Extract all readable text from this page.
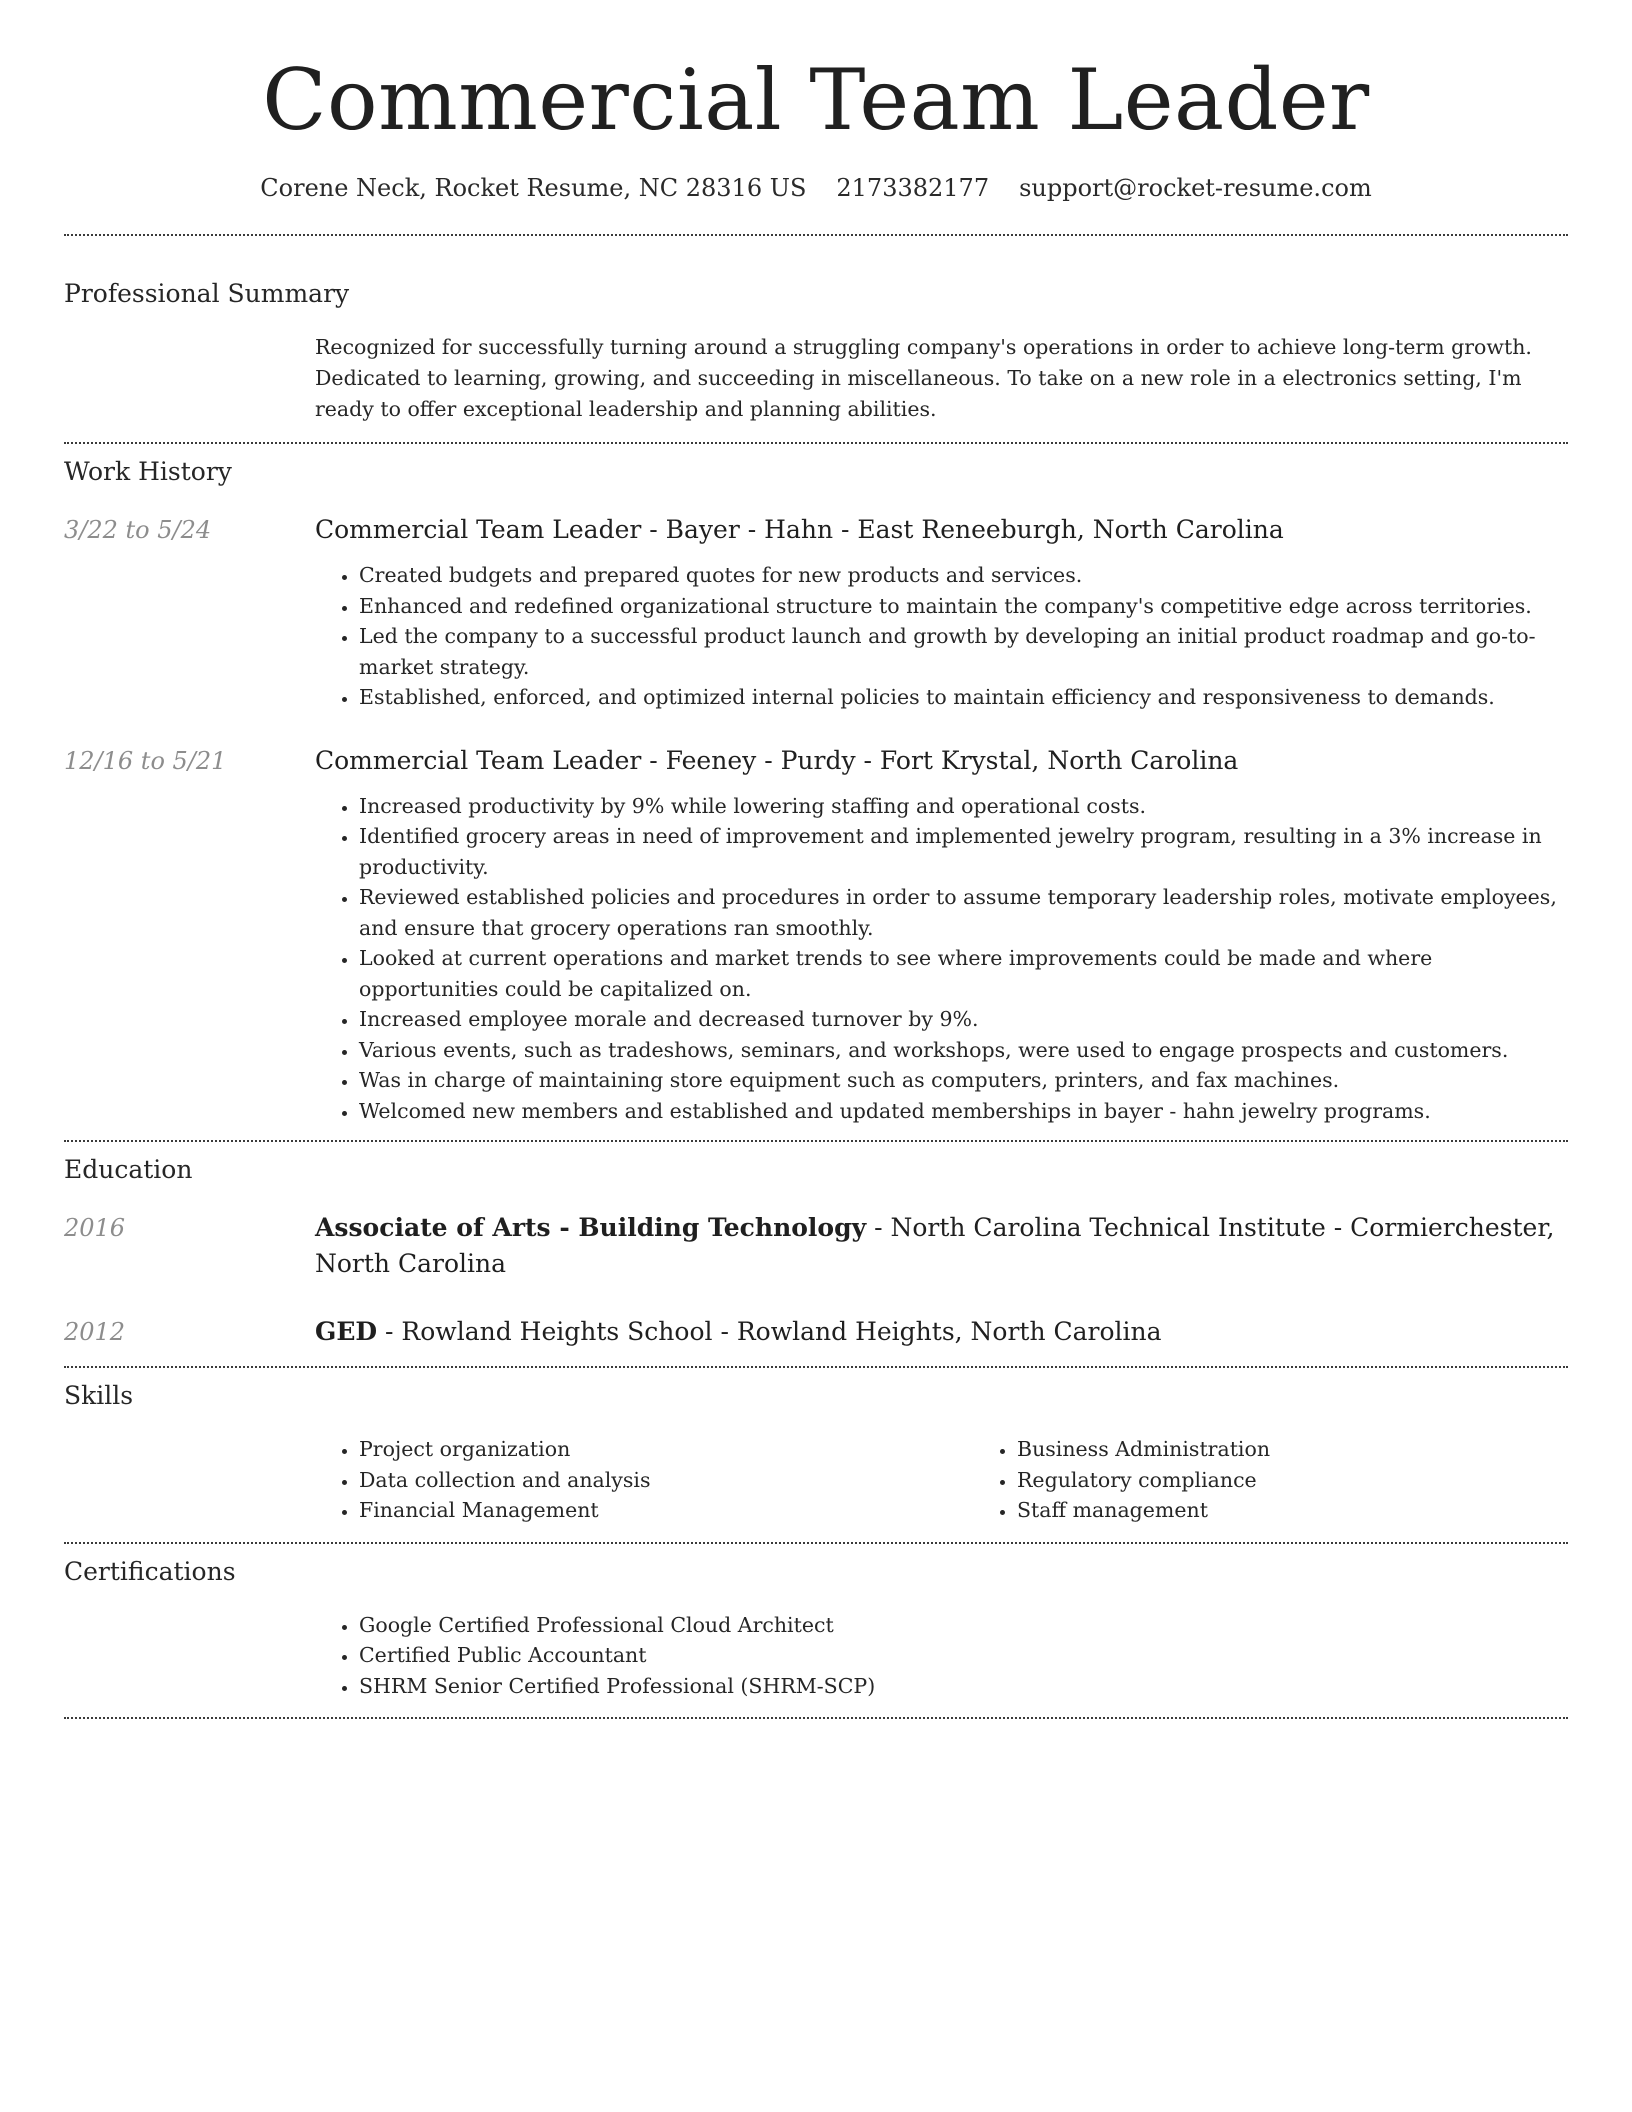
Commercial Team Leader
Corene Neck, Rocket Resume, NC 28316 US 2173382177 support@rocket-resume.com
Professional Summary

Recognized for successfully turning around a struggling company's operations in order to achieve long-term growth. Dedicated to learning, growing, and succeeding in miscellaneous. To take on a new role in a electronics setting, I'm ready to offer exceptional leadership and planning abilities.

Work History
3/22 to 5/24	Commercial Team Leader - Bayer - Hahn - East Reneeburgh, North Carolina
• Created budgets and prepared quotes for new products and services.
• Enhanced and redefined organizational structure to maintain the company's competitive edge across territories.
• Led the company to a successful product launch and growth by developing an initial product roadmap and go-to-market strategy.
• Established, enforced, and optimized internal policies to maintain efficiency and responsiveness to demands.
12/16 to 5/21	Commercial Team Leader - Feeney - Purdy - Fort Krystal, North Carolina
• Increased productivity by 9% while lowering staffing and operational costs.
• Identified grocery areas in need of improvement and implemented jewelry program, resulting in a 3% increase in productivity.
• Reviewed established policies and procedures in order to assume temporary leadership roles, motivate employees, and ensure that grocery operations ran smoothly.
• Looked at current operations and market trends to see where improvements could be made and where opportunities could be capitalized on.
• Increased employee morale and decreased turnover by 9%.
• Various events, such as tradeshows, seminars, and workshops, were used to engage prospects and customers.
• Was in charge of maintaining store equipment such as computers, printers, and fax machines.
• Welcomed new members and established and updated memberships in bayer - hahn jewelry programs.
Education
2016	Associate of Arts - Building Technology - North Carolina Technical Institute - Cormierchester, North Carolina
2012	GED - Rowland Heights School - Rowland Heights, North Carolina
Skills
• Project organization
• Data collection and analysis
• Financial Management
• Business Administration
• Regulatory compliance
• Staff management
Certifications
• Google Certified Professional Cloud Architect
• Certified Public Accountant
• SHRM Senior Certified Professional (SHRM-SCP)
